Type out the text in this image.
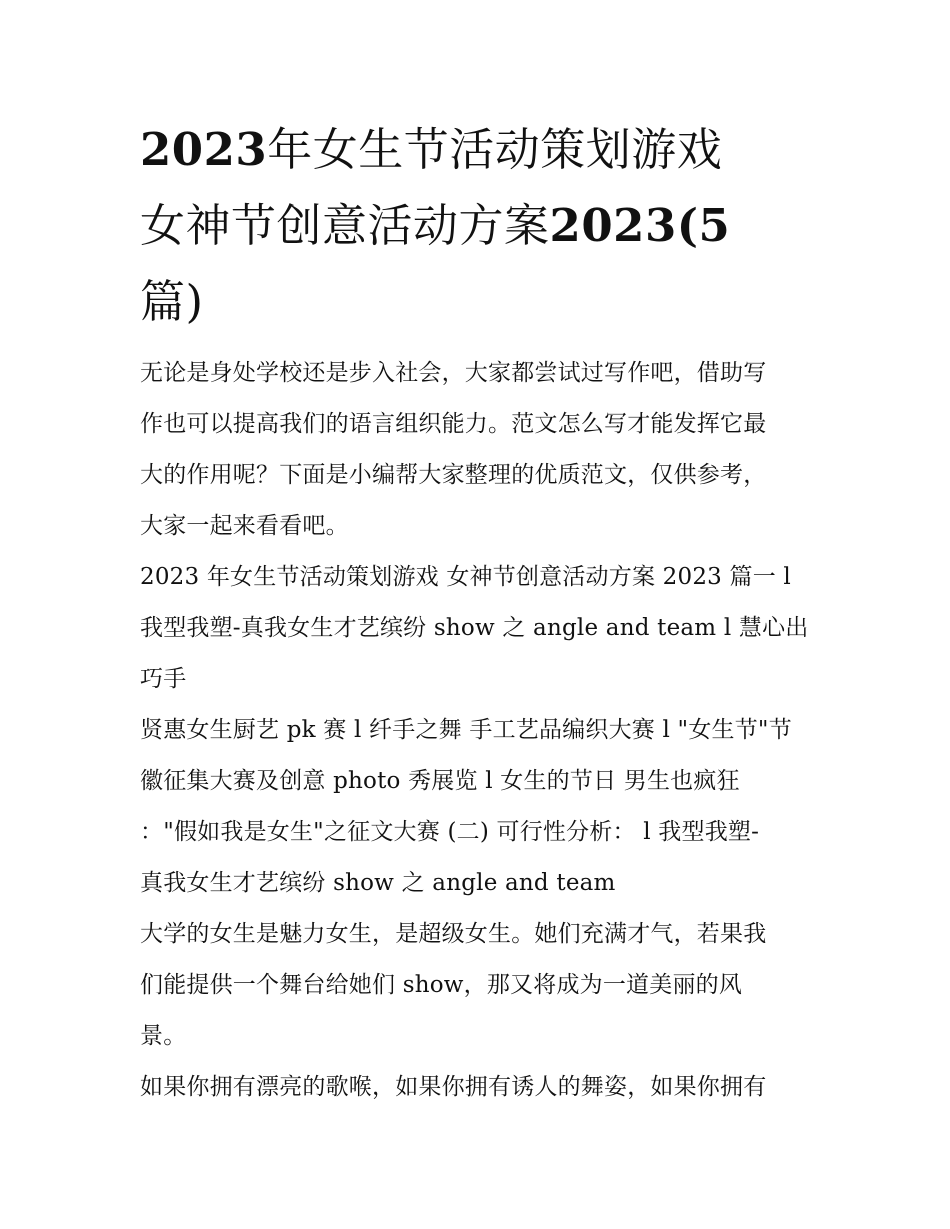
2023年女生节活动策划游戏
女神节创意活动方案2023(5
篇)

无论是身处学校还是步入社会，大家都尝试过写作吧，借助写

作也可以提高我们的语言组织能力。范文怎么写才能发挥它最

大的作用呢？下面是小编帮大家整理的优质范文，仅供参考，

大家一起来看看吧。

2023 年女生节活动策划游戏 女神节创意活动方案 2023 篇一 l

我型我塑-真我女生才艺缤纷 show 之 angle and team l 慧心出

巧手

贤惠女生厨艺 pk 赛 l 纤手之舞 手工艺品编织大赛 l "女生节"节

徽征集大赛及创意 photo 秀展览 l 女生的节日 男生也疯狂

："假如我是女生"之征文大赛 (二) 可行性分析： l 我型我塑-

真我女生才艺缤纷 show 之 angle and team

大学的女生是魅力女生，是超级女生。她们充满才气，若果我

们能提供一个舞台给她们 show，那又将成为一道美丽的风

景。

如果你拥有漂亮的歌喉，如果你拥有诱人的舞姿，如果你拥有
